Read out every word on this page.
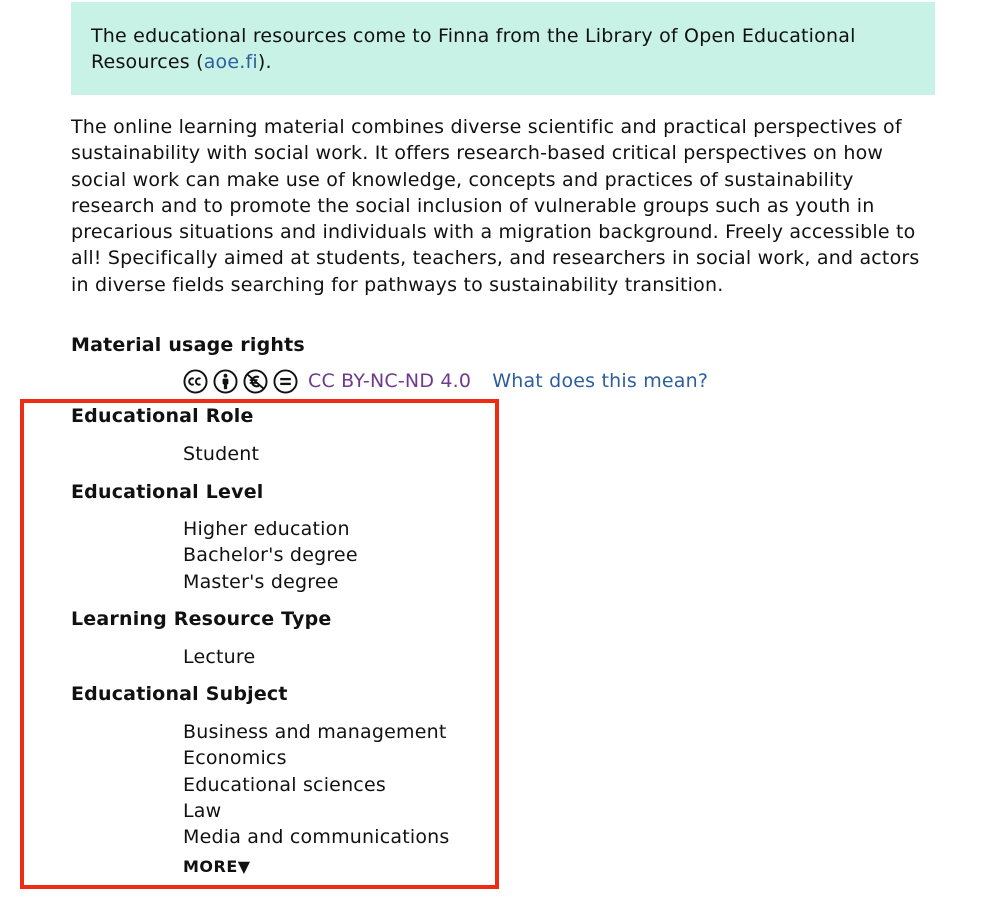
The educational resources come to Finna from the Library of Open Educational Resources (aoe.fi).

The online learning material combines diverse scientific and practical perspectives of sustainability with social work. It offers research-based critical perspectives on how social work can make use of knowledge, concepts and practices of sustainability research and to promote the social inclusion of vulnerable groups such as youth in precarious situations and individuals with a migration background. Freely accessible to all! Specifically aimed at students, teachers, and researchers in social work, and actors in diverse fields searching for pathways to sustainability transition.

Material usage rights
CC BY-NC-ND 4.0 What does this mean?
Educational Role
Student
Educational Level
Higher education
Bachelor's degree
Master's degree
Learning Resource Type
Lecture
Educational Subject
Business and management
Economics
Educational sciences
Law
Media and communications
MORE▼
